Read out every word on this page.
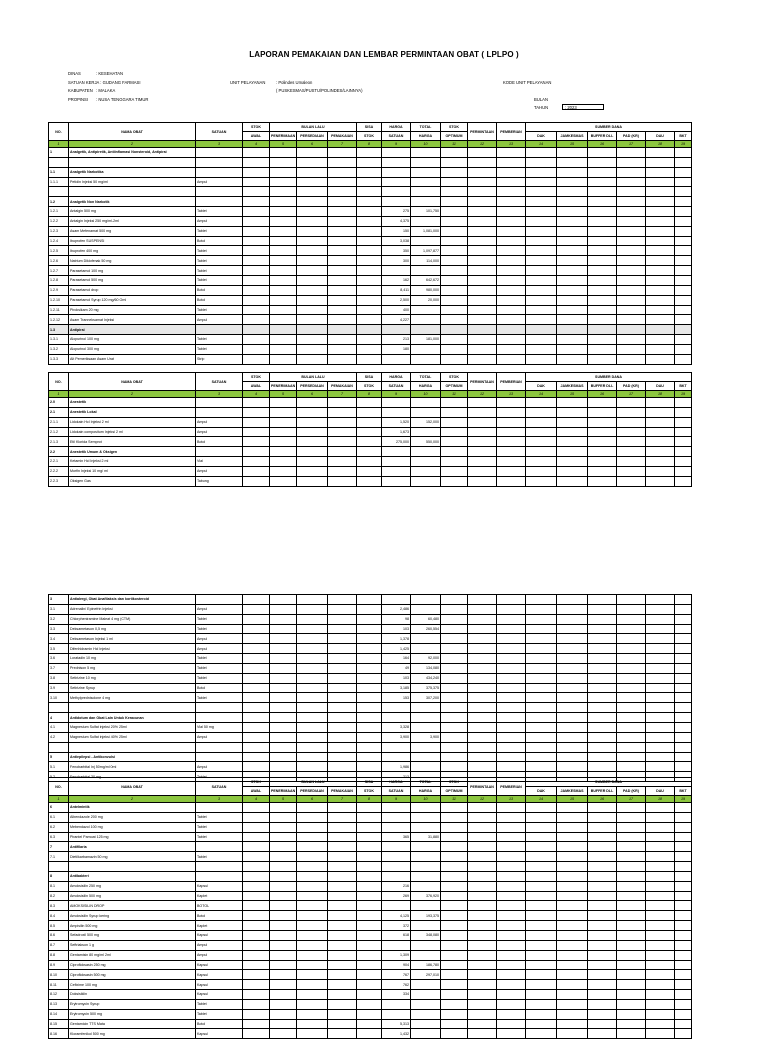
LAPORAN PEMAKAIAN DAN LEMBAR PERMINTAAN OBAT ( LPLPO )
DINAS	: KESEHATAN
SATUAN KERJA : GUDANG FARMASI
KABUPATEN : MALAKA
PROPINSI : NUSA TENGGARA TIMUR
UNIT PELAYANAN	: Polindes Umaleon
( PUSKESMAS/PUSTU/POLINDES/LAINNYA)
KODE UNIT PELAYANAN
BULAN
TAHUN	: 2023
NO.	NAMA OBAT	SATUAN	STOK	BULAN LALU			SISA	HARGA	TOTAL	STOK	PERMINTAAN	PEMBERIAN	SUMBER DANA					
			AWAL	PENERIMAAN	PERSEDIAAN	PEMAKAIAN	STOK	SATUAN	HARGA	OPTIMUM			DAK	JAMKESMAS	BUFFER DLL	PAD (KR)	DAU	BKT
1	2	3	4	5	6	7	8	9	10	11	12	13	14	15	16	17	18	19
1	Analgetik, Antipiretik, Antiinflamasi Nonsteroid, Antipirai																	

1.1	Analgetik Narkotika																	
1.1.1	Petidin Injeksi 50 mg/ml	Ampul																

1.2	Analgetik Non Narkotik																	
1.2.1	Antalgin 500 mg	Tablet						275	101,750									
1.2.2	Antalgin Injeksi 250 mg/ml-2ml	Ampul						4,375										
1.2.3	Asam Mefenamat 500 mg	Tablet						150	1,081,000									
1.2.4	Ibuprofen SUSPENSI	Botol						3,038										
1.2.5	Ibuprofen 400 mg	Tablet						350	1,097,877									
1.2.6	Natrium Diklofenak 50 mg	Tablet						300	114,000									
1.2.7	Parasetamol 100 mg	Tablet																
1.2.8	Parasetamol 500 mg	Tablet						162	642,672									
1.2.9	Parasetamol drop	Botol						8,411	980,000									
1.2.10	Parasetamol Syrup 120 mg/60 Oml	Botol						2,500	20,000									
1.2.11	Piroksikam 20 mg	Tablet						400										
1.2.12	Asam Tranneksamat Injeksi	Ampul						4,227										
1.3	Antipirai																	
1.3.1	Alopurinol 100 mg	Tablet						213	181,000									
1.3.2	Alopurinol 300 mg	Tablet						180										
1.3.3	Alt Pemeriksaan Asam Urat	Strip																
NO.	NAMA OBAT	SATUAN	STOK	BULAN LALU			SISA	HARGA	TOTAL	STOK	PERMINTAAN	PEMBERIAN	SUMBER DANA					
			AWAL	PENERIMAAN	PERSEDIAAN	PEMAKAIAN	STOK	SATUAN	HARGA	OPTIMUM			DAK	JAMKESMAS	BUFFER DLL	PAD (KR)	DAU	BKT
1	2	3	4	5	6	7	8	9	10	11	12	13	14	15	16	17	18	19
2.0	Anestetik																	
2.1	Anestetik Lokal																	
2.1.1	Lidokain Hcl Injeksi 2 ml	Ampul						1,520	152,000									
2.1.2	Lidokain compositum Injeksi 2 ml	Ampul						1,673										
2.1.3	Etil Klorida Semprot	Botol						275,000	550,000									
2.2	Anestetik Umum & Oksigen																	
2.2.1	Ketamin Hcl Injeksi 2 ml	Vial																
2.2.2	Morfin Injeksi 10 mg/ ml	Ampul																
2.2.3	Oksigen Gas	Tabung																
3	Antialergi, Obat Anafilaksis dan kortikosteroid																	
3.1	Adrenalin/ Epinefrin Injeksi	Ampul						2,486										
3.2	Chlorpheniramine Maleat 4 mg (CTM)	Tablet						98	60,480									
3.3	Deksametason 0,5 mg	Tablet						103	260,554									
3.4	Deksametason Injeksi 1 ml	Ampul						1,378										
3.5	Difenhidramin Hcl Injeksi	Ampul						1,425										
3.6	Loratadin 10 mg	Tablet						164	92,000									
3.7	Prednison 5 mg	Tablet						49	134,080									
3.8	Setirizine 10 mg	Tablet						103	434,240									
3.9	Setirizine Syrup	Botol						3,185	375,375									
3.10	Methylprednisolone 4 mg	Tablet						153	307,200									

4	Antidotum dan Obat Lain Untuk Keracunan																	
4.1	Magnesium Sulfat injeksi 20% 25ml	Vial 50 mg						3,328										
4.2	Magnesium Sulfat injeksi 40% 25ml	Ampul						3,900	3,900									

5	Antiepilepsi - Antikonvulsi																	
5.1	Fenobarbital Inj 50mg/ml 0ml	Ampul						1,986										
5.2	Fenobarbital 30 mg	Tablet						213										
NO.	NAMA OBAT	SATUAN	STOK	BULAN LALU			SISA	HARGA	TOTAL	STOK	PERMINTAAN	PEMBERIAN	SUMBER DANA					
			AWAL	PENERIMAAN	PERSEDIAAN	PEMAKAIAN	STOK	SATUAN	HARGA	OPTIMUM			DAK	JAMKESMAS	BUFFER DLL	PAD (KR)	DAU	BKT
1	2	3	4	5	6	7	8	9	10	11	12	13	14	15	16	17	18	19
6	Antelmintik																	
6.1	Albendazole 200 mg	Tablet																
6.2	Mebendazol 100 mg	Tablet																
6.3	Pirantel Pamoat 125 mg	Tablet						365	31,880									
7	Antifilaria																	
7.1	Dietilkarbamazin 50 mg	Tablet																

8	Antibakteri																	
8.1	Amoksisilin 250 mg	Kapsul						216										
8.2	Amoksisilin 500 mg	Kaplet						269	376,920									
8.3	AMOKSISILIN DROP	BOTOL																
8.4	Amoksisilin Syrup kering	Botol						4,125	193,375									
8.5	Ampisilin 500 mg	Kaplet						372										
8.6	Sefadroxil 500 mg	Kapsul						618	348,080									
8.7	Seftriakson 1 g	Ampul																
8.8	Gentamisin 80 mg/ml 2ml	Ampul						1,309										
8.9	Ciprofloksasin 250 mg	Kapsul						904	186,780									
8.10	Ciprofloksasin 500 mg	Kapsul						767	297,010									
8.11	Cefixime 100 mg	Kapsul						762										
8.12	Doksisiklin	Kapsul						334										
8.13	Erytromycin Syrup	Tablet																
8.14	Erytromycin 500 mg	Tablet																
8.15	Gentamicin TTS Mata	Botol						5,313										
8.16	Kloramfenikol 500 mg	Kapsul						1,432										
